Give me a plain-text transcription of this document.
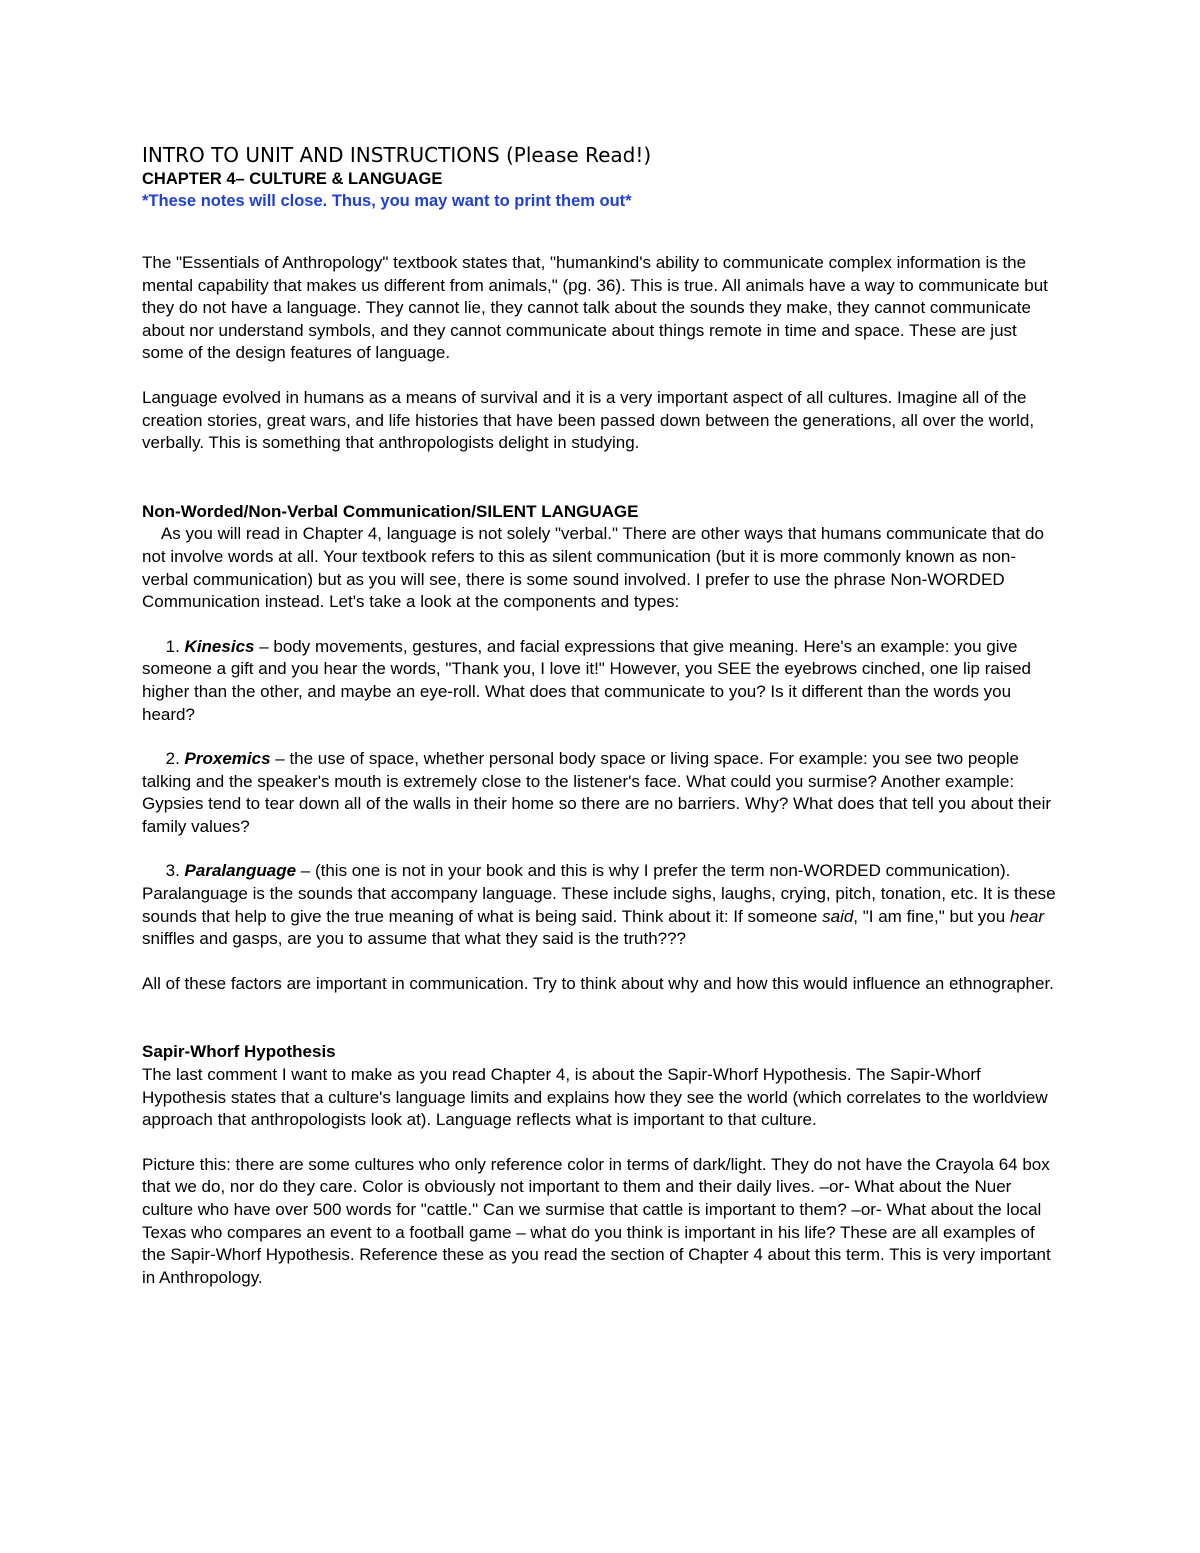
INTRO TO UNIT AND INSTRUCTIONS (Please Read!)

CHAPTER 4– CULTURE & LANGUAGE

*These notes will close. Thus, you may want to print them out*

The "Essentials of Anthropology" textbook states that, "humankind's ability to communicate complex information is the mental capability that makes us different from animals," (pg. 36). This is true. All animals have a way to communicate but they do not have a language. They cannot lie, they cannot talk about the sounds they make, they cannot communicate about nor understand symbols, and they cannot communicate about things remote in time and space. These are just some of the design features of language.

Language evolved in humans as a means of survival and it is a very important aspect of all cultures. Imagine all of the creation stories, great wars, and life histories that have been passed down between the generations, all over the world, verbally. This is something that anthropologists delight in studying.

Non-Worded/Non-Verbal Communication/SILENT LANGUAGE

As you will read in Chapter 4, language is not solely "verbal." There are other ways that humans communicate that do not involve words at all. Your textbook refers to this as silent communication (but it is more commonly known as non-verbal communication) but as you will see, there is some sound involved. I prefer to use the phrase Non-WORDED Communication instead. Let's take a look at the components and types:

1. Kinesics – body movements, gestures, and facial expressions that give meaning. Here's an example: you give someone a gift and you hear the words, "Thank you, I love it!" However, you SEE the eyebrows cinched, one lip raised higher than the other, and maybe an eye-roll. What does that communicate to you? Is it different than the words you heard?

2. Proxemics – the use of space, whether personal body space or living space. For example: you see two people talking and the speaker's mouth is extremely close to the listener's face. What could you surmise? Another example: Gypsies tend to tear down all of the walls in their home so there are no barriers. Why? What does that tell you about their family values?

3. Paralanguage – (this one is not in your book and this is why I prefer the term non-WORDED communication). Paralanguage is the sounds that accompany language. These include sighs, laughs, crying, pitch, tonation, etc. It is these sounds that help to give the true meaning of what is being said. Think about it: If someone said, "I am fine," but you hear sniffles and gasps, are you to assume that what they said is the truth???

All of these factors are important in communication. Try to think about why and how this would influence an ethnographer.

Sapir-Whorf Hypothesis

The last comment I want to make as you read Chapter 4, is about the Sapir-Whorf Hypothesis. The Sapir-Whorf Hypothesis states that a culture's language limits and explains how they see the world (which correlates to the worldview approach that anthropologists look at). Language reflects what is important to that culture.

Picture this: there are some cultures who only reference color in terms of dark/light. They do not have the Crayola 64 box that we do, nor do they care. Color is obviously not important to them and their daily lives. –or- What about the Nuer culture who have over 500 words for "cattle." Can we surmise that cattle is important to them? –or- What about the local Texas who compares an event to a football game – what do you think is important in his life? These are all examples of the Sapir-Whorf Hypothesis. Reference these as you read the section of Chapter 4 about this term. This is very important in Anthropology.
